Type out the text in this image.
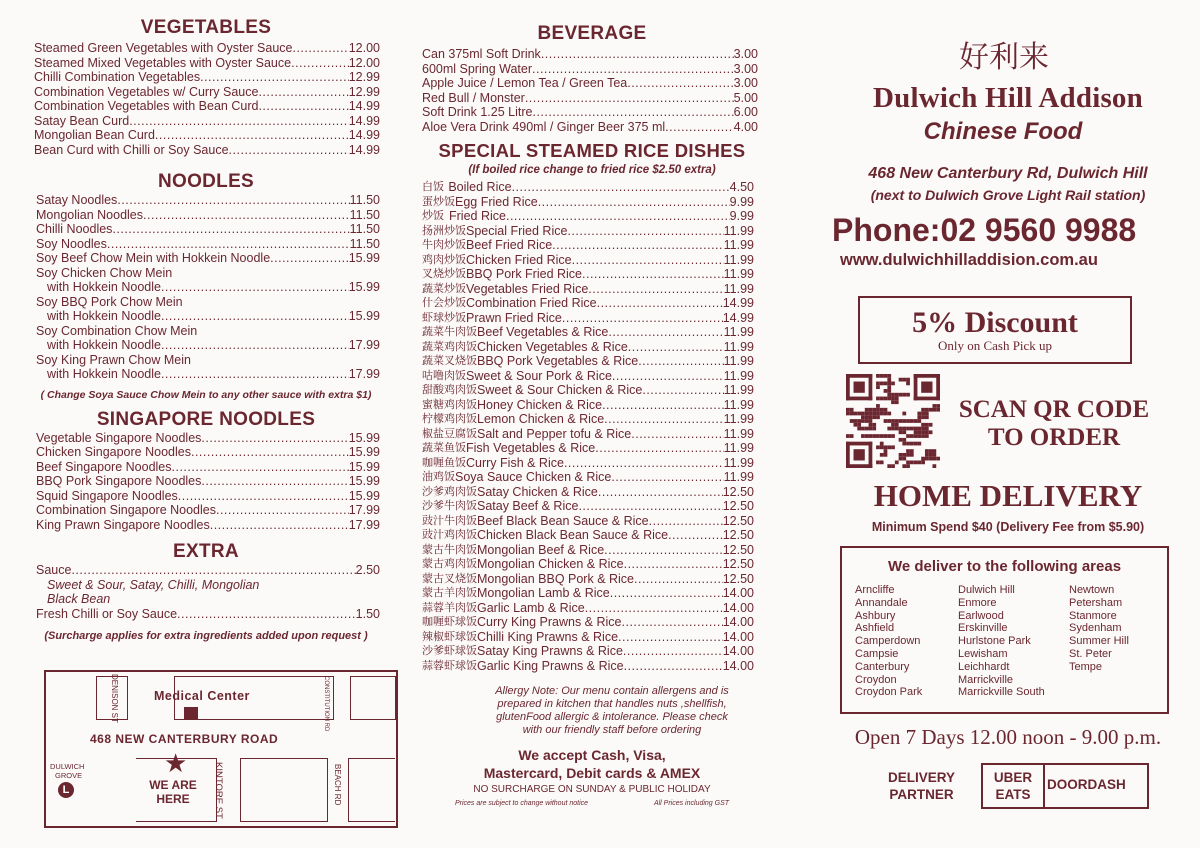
VEGETABLES
Steamed Green Vegetables with Oyster Sauce .....	12.00
Steamed Mixed Vegetables with Oyster Sauce .....	12.00
Chilli Combination Vegetables .....	12.99
Combination Vegetables w/ Curry Sauce .....	12.99
Combination Vegetables with Bean Curd .....	14.99
Satay Bean Curd .....	14.99
Mongolian Bean Curd .....	14.99
Bean Curd with Chilli or Soy Sauce .....	14.99
NOODLES
Satay Noodles .....	11.50
Mongolian Noodles .....	11.50
Chilli Noodles .....	11.50
Soy Noodles .....	11.50
Soy Beef Chow Mein with Hokkein Noodle .....	15.99
Soy Chicken Chow Mein
with Hokkein Noodle .....	15.99
Soy BBQ Pork Chow Mein
with Hokkein Noodle .....	15.99
Soy Combination Chow Mein
with Hokkein Noodle .....	17.99
Soy King Prawn Chow Mein
with Hokkein Noodle .....	17.99
( Change Soya Sauce Chow Mein to any other sauce with extra $1)
SINGAPORE NOODLES
Vegetable Singapore Noodles .....	15.99
Chicken Singapore Noodles .....	15.99
Beef Singapore Noodles .....	15.99
BBQ Pork Singapore Noodles .....	15.99
Squid Singapore Noodles .....	15.99
Combination Singapore Noodles .....	17.99
King Prawn Singapore Noodles .....	17.99
EXTRA
Sauce .....	2.50
Sweet & Sour, Satay, Chilli, Mongolian
Black Bean
Fresh Chilli or Soy Sauce .....	1.50
(Surcharge applies for extra ingredients added upon request )
Medical Center
DENISON ST	CONSTITUTION RD
468 NEW CANTERBURY ROAD
DULWICH
GROVE
L
★
WE ARE
HERE	KINTORE ST	BEACH RD
BEVERAGE
Can 375ml Soft Drink .....	3.00
600ml Spring Water .....	3.00
Apple Juice / Lemon Tea / Green Tea .....	3.00
Red Bull / Monster .....	5.00
Soft Drink 1.25 Litre .....	6.00
Aloe Vera Drink 490ml / Ginger Beer 375 ml .....	4.00
SPECIAL STEAMED RICE DISHES
(If boiled rice change to fried rice $2.50 extra)
白饭 Boiled Rice .....	4.50
蛋炒饭 Egg Fried Rice .....	9.99
炒饭 Fried Rice .....	9.99
扬洲炒饭 Special Fried Rice .....	11.99
牛肉炒饭 Beef Fried Rice .....	11.99
鸡肉炒饭 Chicken Fried Rice .....	11.99
叉烧炒饭 BBQ Pork Fried Rice .....	11.99
蔬菜炒饭 Vegetables Fried Rice .....	11.99
什会炒饭 Combination Fried Rice .....	14.99
虾球炒饭 Prawn Fried Rice .....	14.99
蔬菜牛肉饭 Beef Vegetables & Rice .....	11.99
蔬菜鸡肉饭 Chicken Vegetables & Rice .....	11.99
蔬菜叉烧饭 BBQ Pork Vegetables & Rice .....	11.99
咕噜肉饭 Sweet & Sour Pork & Rice .....	11.99
甜酸鸡肉饭 Sweet & Sour Chicken & Rice .....	11.99
蜜糖鸡肉饭 Honey Chicken & Rice .....	11.99
柠檬鸡肉饭 Lemon Chicken & Rice .....	11.99
椒盐豆腐饭 Salt and Pepper tofu & Rice .....	11.99
蔬菜鱼饭 Fish Vegetables & Rice .....	11.99
咖喱鱼饭 Curry Fish & Rice .....	11.99
油鸡饭 Soya Sauce Chicken & Rice .....	11.99
沙爹鸡肉饭 Satay Chicken & Rice .....	12.50
沙爹牛肉饭 Satay Beef & Rice .....	12.50
豉汁牛肉饭 Beef Black Bean Sauce & Rice .....	12.50
豉汁鸡肉饭 Chicken Black Bean Sauce & Rice .....	12.50
蒙古牛肉饭 Mongolian Beef & Rice .....	12.50
蒙古鸡肉饭 Mongolian Chicken & Rice .....	12.50
蒙古叉烧饭 Mongolian BBQ Pork & Rice .....	12.50
蒙古羊肉饭 Mongolian Lamb & Rice .....	14.00
蒜蓉羊肉饭 Garlic Lamb & Rice .....	14.00
咖喱虾球饭 Curry King Prawns & Rice .....	14.00
辣椒虾球饭 Chilli King Prawns & Rice .....	14.00
沙爹虾球饭 Satay King Prawns & Rice .....	14.00
蒜蓉虾球饭 Garlic King Prawns & Rice .....	14.00
Allergy Note: Our menu contain allergens and is
prepared in kitchen that handles nuts ,shellfish,
glutenFood allergic & intolerance. Please check
with our friendly staff before ordering
We accept Cash, Visa,
Mastercard, Debit cards & AMEX
NO SURCHARGE ON SUNDAY & PUBLIC HOLIDAY
Prices are subject to change without notice	All Prices including GST
好利来
Dulwich Hill Addison
Chinese Food
468 New Canterbury Rd, Dulwich Hill
(next to Dulwich Grove Light Rail station)
Phone:02 9560 9988
www.dulwichhilladdision.com.au
5% Discount
Only on Cash Pick up
SCAN QR CODE
TO ORDER
HOME DELIVERY
Minimum Spend $40 (Delivery Fee from $5.90)
We deliver to the following areas
Arncliffe
Annandale
Ashbury
Ashfield
Camperdown
Campsie
Canterbury
Croydon
Croydon Park
Dulwich Hill
Enmore
Earlwood
Erskinville
Hurlstone Park
Lewisham
Leichhardt
Marrickville
Marrickville South
Newtown
Petersham
Stanmore
Sydenham
Summer Hill
St. Peter
Tempe
Open 7 Days 12.00 noon - 9.00 p.m.
DELIVERY
PARTNER
UBER
EATS
DOORDASH
